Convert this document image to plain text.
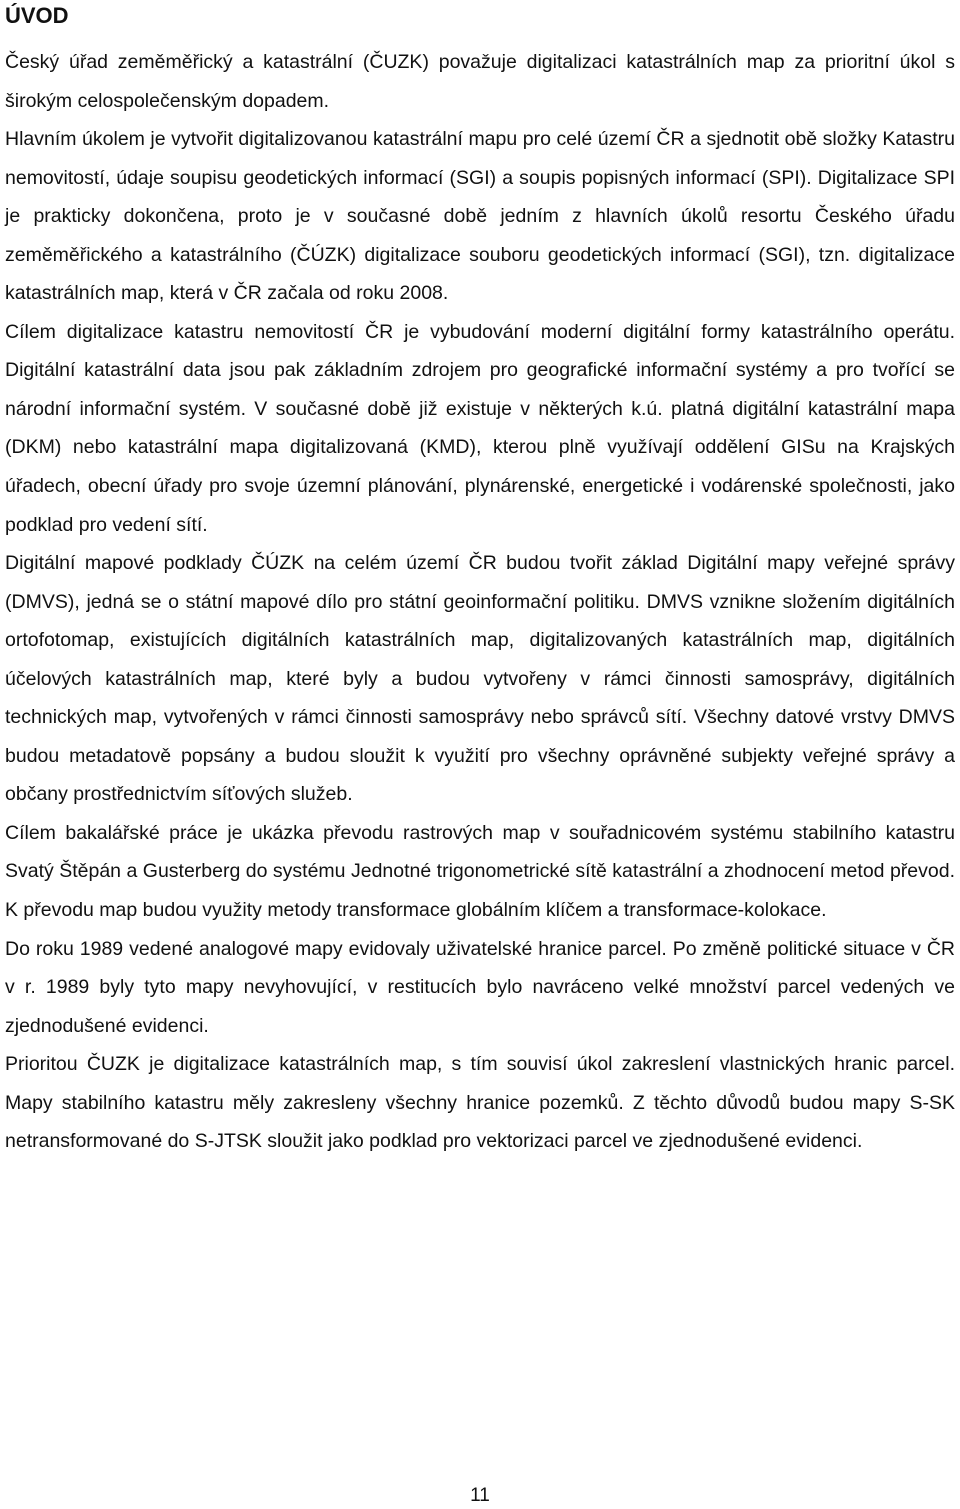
ÚVOD

Český úřad zeměměřický a katastrální (ČUZK) považuje digitalizaci katastrálních map za prioritní úkol s širokým celospolečenským dopadem.

Hlavním úkolem je vytvořit digitalizovanou katastrální mapu pro celé území ČR a sjednotit obě složky Katastru nemovitostí, údaje soupisu geodetických informací (SGI) a soupis popisných informací (SPI). Digitalizace SPI je prakticky dokončena, proto je v současné době jedním z hlavních úkolů resortu Českého úřadu zeměměřického a katastrálního (ČÚZK) digitalizace souboru geodetických informací (SGI), tzn. digitalizace katastrálních map, která v ČR začala od roku 2008.

Cílem digitalizace katastru nemovitostí ČR je vybudování moderní digitální formy katastrálního operátu. Digitální katastrální data jsou pak základním zdrojem pro geografické informační systémy a pro tvořící se národní informační systém. V současné době již existuje v některých k.ú. platná digitální katastrální mapa (DKM) nebo katastrální mapa digitalizovaná (KMD), kterou plně využívají oddělení GISu na Krajských úřadech, obecní úřady pro svoje územní plánování, plynárenské, energetické i vodárenské společnosti, jako podklad pro vedení sítí.

Digitální mapové podklady ČÚZK na celém území ČR budou tvořit základ Digitální mapy veřejné správy (DMVS), jedná se o státní mapové dílo pro státní geoinformační politiku. DMVS vznikne složením digitálních ortofotomap, existujících digitálních katastrálních map, digitalizovaných katastrálních map, digitálních účelových katastrálních map, které byly a budou vytvořeny v rámci činnosti samosprávy, digitálních technických map, vytvořených v rámci činnosti samosprávy nebo správců sítí. Všechny datové vrstvy DMVS budou metadatově popsány a budou sloužit k využití pro všechny oprávněné subjekty veřejné správy a občany prostřednictvím síťových služeb.

Cílem bakalářské práce je ukázka převodu rastrových map v souřadnicovém systému stabilního katastru Svatý Štěpán a Gusterberg do systému Jednotné trigonometrické sítě katastrální a zhodnocení metod převod. K převodu map budou využity metody transformace globálním klíčem a transformace-kolokace.

Do roku 1989 vedené analogové mapy evidovaly uživatelské hranice parcel. Po změně politické situace v ČR v r. 1989 byly tyto mapy nevyhovující, v restitucích bylo navráceno velké množství parcel vedených ve zjednodušené evidenci.

Prioritou ČUZK je digitalizace katastrálních map, s tím souvisí úkol zakreslení vlastnických hranic parcel. Mapy stabilního katastru měly zakresleny všechny hranice pozemků. Z těchto důvodů budou mapy S-SK netransformované do S-JTSK sloužit jako podklad pro vektorizaci parcel ve zjednodušené evidenci.

11
